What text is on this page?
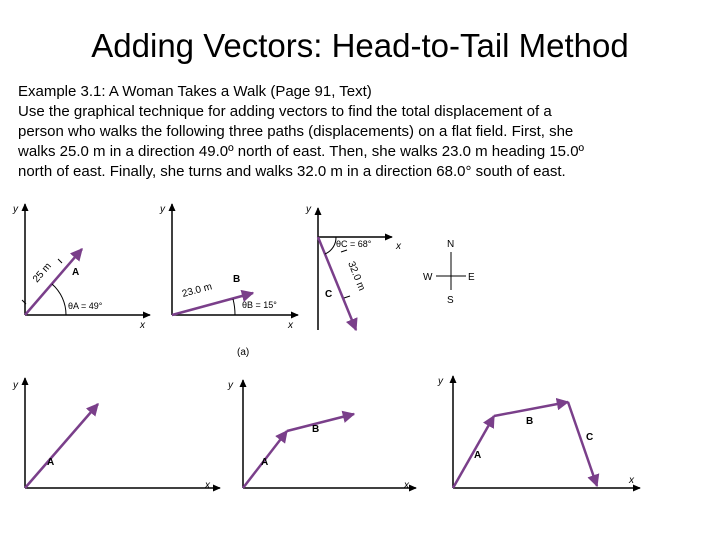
Adding Vectors: Head-to-Tail Method
Example 3.1: A Woman Takes a Walk (Page 91, Text)
Use the graphical technique for adding vectors to find the total displacement of a
person who walks the following three paths (displacements) on a flat field. First, she
walks 25.0 m in a direction 49.0º north of east. Then, she walks 23.0 m heading 15.0º
north of east. Finally, she turns and walks 32.0 m in a direction 68.0° south of east.
y
x
25 m A
θA = 49°
y
x
23.0 m
B
θB = 15°
(a)
y
x
32.0 m
C
θC = 68°	N
S
W	E
y
x
A
y
x
A
B
y
x
A
B
C
